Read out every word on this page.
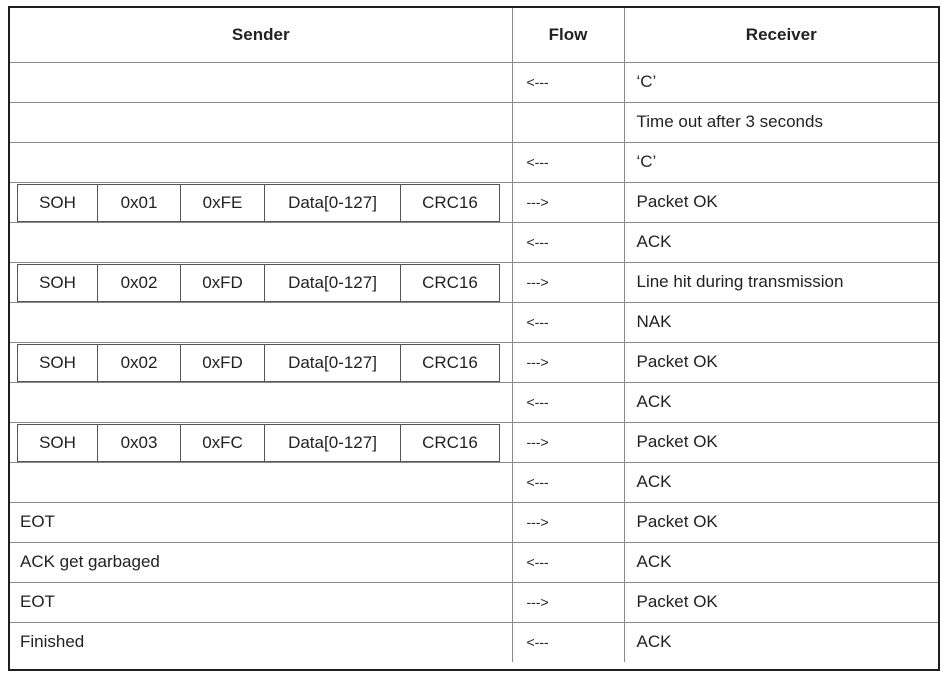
Sender	Flow	Receiver
	<---	‘C’
		Time out after 3 seconds
	<---	‘C’

SOH 0x01 0xFE Data[0-127] CRC16	--->	Packet OK
	<---	ACK

SOH 0x02 0xFD Data[0-127] CRC16	--->	Line hit during transmission
	<---	NAK

SOH 0x02 0xFD Data[0-127] CRC16	--->	Packet OK
	<---	ACK

SOH 0x03 0xFC Data[0-127] CRC16	--->	Packet OK
	<---	ACK
EOT	--->	Packet OK
ACK get garbaged	<---	ACK
EOT	--->	Packet OK
Finished	<---	ACK
